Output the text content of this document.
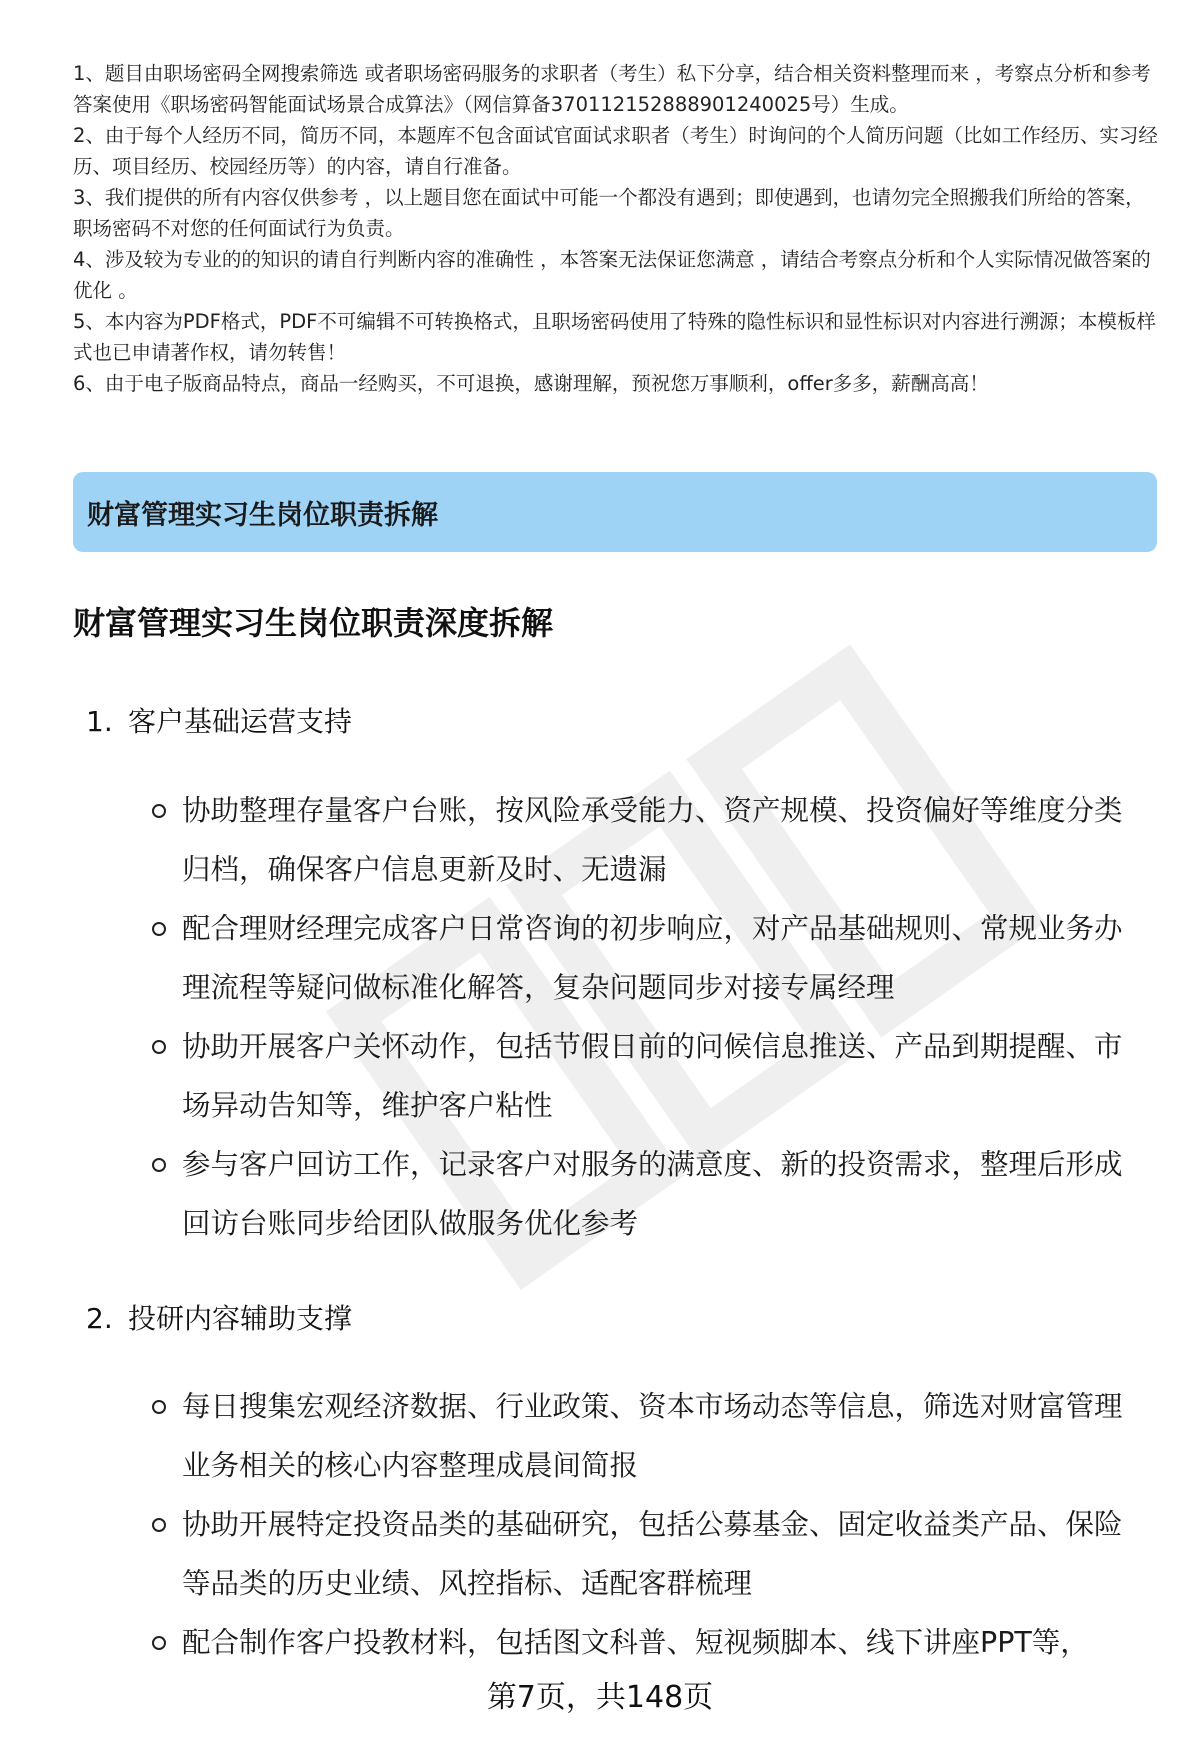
1、题目由职场密码全网搜索筛选 或者职场密码服务的求职者（考生）私下分享，结合相关资料整理而来 ，考察点分析和参考答案使用《职场密码智能面试场景合成算法》（网信算备370112152888901240025号）生成。

2、由于每个人经历不同，简历不同，本题库不包含面试官面试求职者（考生）时询问的个人简历问题（比如工作经历、实习经历、项目经历、校园经历等）的内容，请自行准备。

3、我们提供的所有内容仅供参考 ，以上题目您在面试中可能一个都没有遇到；即使遇到，也请勿完全照搬我们所给的答案，职场密码不对您的任何面试行为负责。

4、涉及较为专业的的知识的请自行判断内容的准确性 ，本答案无法保证您满意 ，请结合考察点分析和个人实际情况做答案的优化 。

5、本内容为PDF格式，PDF不可编辑不可转换格式，且职场密码使用了特殊的隐性标识和显性标识对内容进行溯源；本模板样式也已申请著作权，请勿转售！

6、由于电子版商品特点，商品一经购买，不可退换，感谢理解，预祝您万事顺利，offer多多，薪酬高高！

财富管理实习生岗位职责拆解
财富管理实习生岗位职责深度拆解
1. 客户基础运营支持
协助整理存量客户台账，按风险承受能力、资产规模、投资偏好等维度分类归档，确保客户信息更新及时、无遗漏
配合理财经理完成客户日常咨询的初步响应，对产品基础规则、常规业务办理流程等疑问做标准化解答，复杂问题同步对接专属经理
协助开展客户关怀动作，包括节假日前的问候信息推送、产品到期提醒、市场异动告知等，维护客户粘性
参与客户回访工作，记录客户对服务的满意度、新的投资需求，整理后形成回访台账同步给团队做服务优化参考
2. 投研内容辅助支撑
每日搜集宏观经济数据、行业政策、资本市场动态等信息，筛选对财富管理业务相关的核心内容整理成晨间简报
协助开展特定投资品类的基础研究，包括公募基金、固定收益类产品、保险等品类的历史业绩、风控指标、适配客群梳理
配合制作客户投教材料，包括图文科普、短视频脚本、线下讲座PPT等，
第7页，共148页
